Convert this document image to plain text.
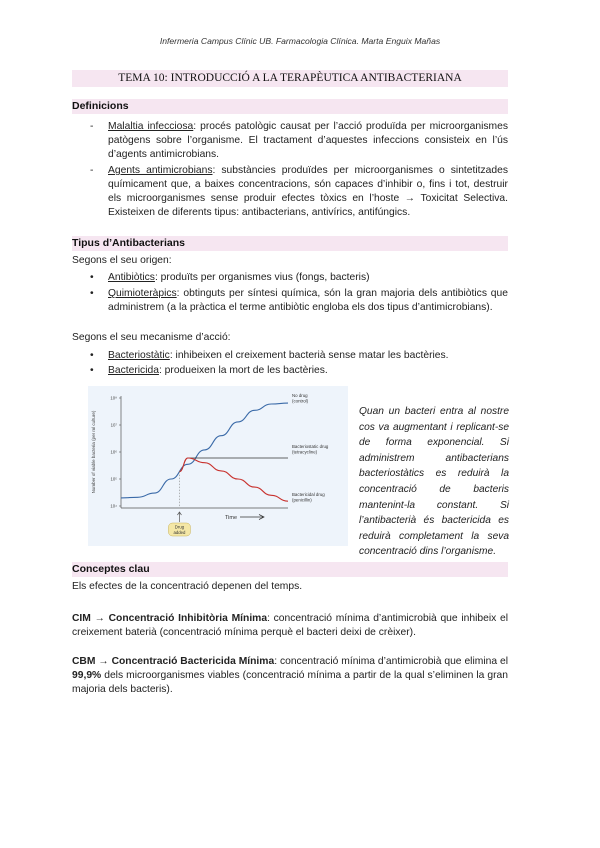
Infermeria Campus Clínic UB. Farmacologia Clínica. Marta Enguix Mañas
TEMA 10: INTRODUCCIÓ A LA TERAPÈUTICA ANTIBACTERIANA
Definicions
-	Malaltia infecciosa: procés patològic causat per l’acció produïda per microorganismes patògens sobre l’organisme. El tractament d’aquestes infeccions consisteix en l’ús d’agents antimicrobians.
-	Agents antimicrobians: substàncies produïdes per microorganismes o sintetitzades químicament que, a baixes concentracions, són capaces d’inhibir o, fins i tot, destruir els microorganismes sense produir efectes tòxics en l’hoste → Toxicitat Selectiva. Existeixen de diferents tipus: antibacterians, antivírics, antifúngics.
Tipus d’Antibacterians
Segons el seu origen:
•	Antibiòtics: produïts per organismes vius (fongs, bacteris)
•	Quimioteràpics: obtinguts per síntesi química, són la gran majoria dels antibiòtics que administrem (a la pràctica el terme antibiòtic engloba els dos tipus d’antimicrobians).
Segons el seu mecanisme d’acció:
•	Bacteriostàtic: inhibeixen el creixement bacterià sense matar les bactèries.
•	Bactericida: produeixen la mort de les bactèries.
Number of viable bacteria (per ml culture)
Time
10⁸
10⁷
10⁶
10⁵
10⁴
Drug
added
No drug
(control)
Bacteriostatic drug
(tetracycline)
Bactericidal drug
(penicillin)
Quan un bacteri entra al nostre cos va augmentant i replicant-se de forma exponencial. Si administrem antibacterians bacteriostàtics es reduirà la concentració de bacteris mantenint-la constant. Si l’antibacterià és bactericida es reduirà completament la seva concentració dins l’organisme.
Conceptes clau
Els efectes de la concentració depenen del temps.
CIM → Concentració Inhibitòria Mínima: concentració mínima d’antimicrobià que inhibeix el creixement baterià (concentració mínima perquè el bacteri deixi de crèixer).
CBM → Concentració Bactericida Mínima: concentració mínima d’antimicrobià que elimina el 99,9% dels microorganismes viables (concentració mínima a partir de la qual s’eliminen la gran majoria dels bacteris).
